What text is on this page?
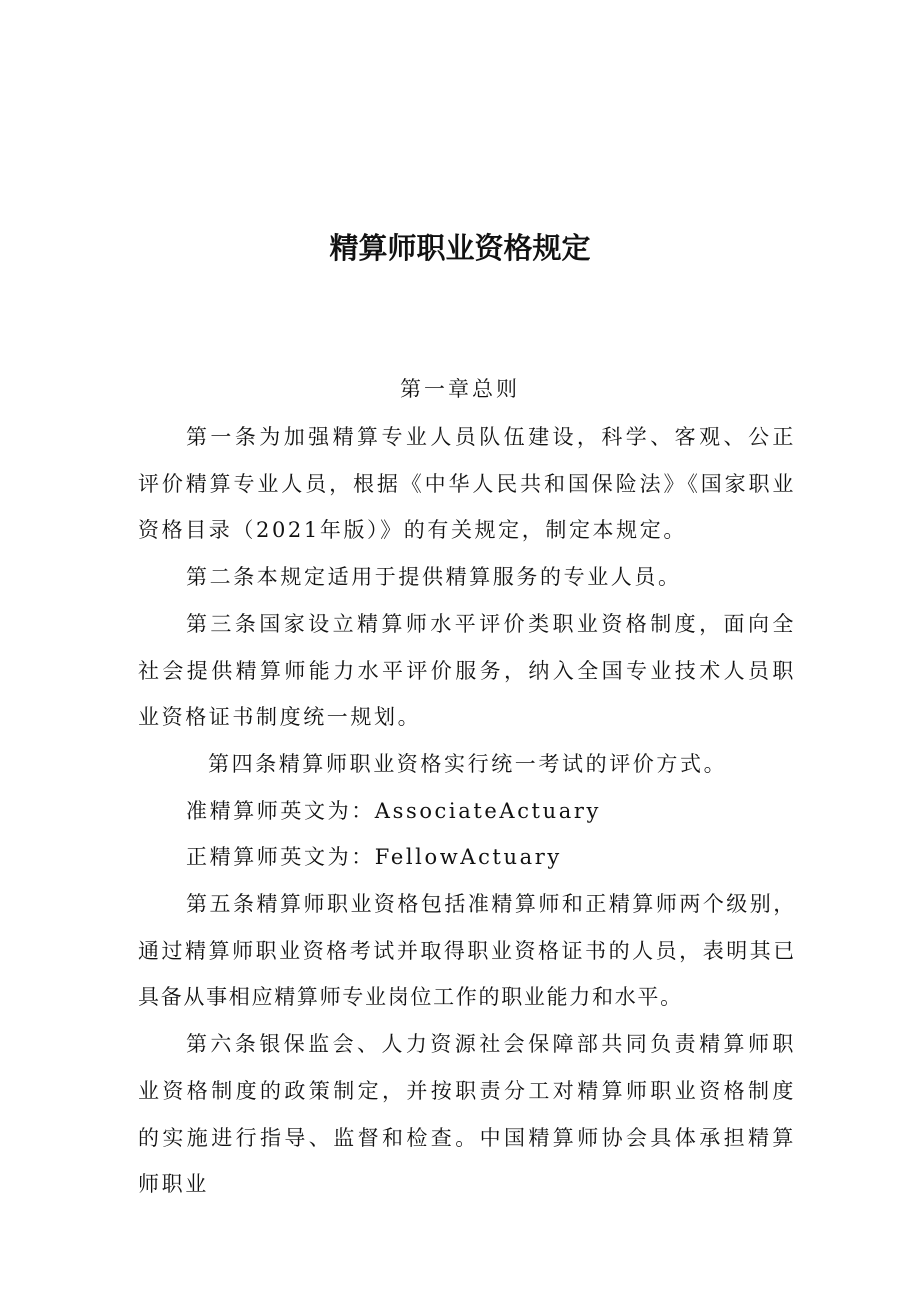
精算师职业资格规定
第一章总则

第一条为加强精算专业人员队伍建设，科学、客观、公正评价精算专业人员，根据《中华人民共和国保险法》《国家职业资格目录（2021年版）》的有关规定，制定本规定。

第二条本规定适用于提供精算服务的专业人员。

第三条国家设立精算师水平评价类职业资格制度，面向全社会提供精算师能力水平评价服务，纳入全国专业技术人员职业资格证书制度统一规划。

第四条精算师职业资格实行统一考试的评价方式。

准精算师英文为：AssociateActuary

正精算师英文为：FellowActuary

第五条精算师职业资格包括准精算师和正精算师两个级别，通过精算师职业资格考试并取得职业资格证书的人员，表明其已具备从事相应精算师专业岗位工作的职业能力和水平。

第六条银保监会、人力资源社会保障部共同负责精算师职业资格制度的政策制定，并按职责分工对精算师职业资格制度的实施进行指导、监督和检查。中国精算师协会具体承担精算师职业
